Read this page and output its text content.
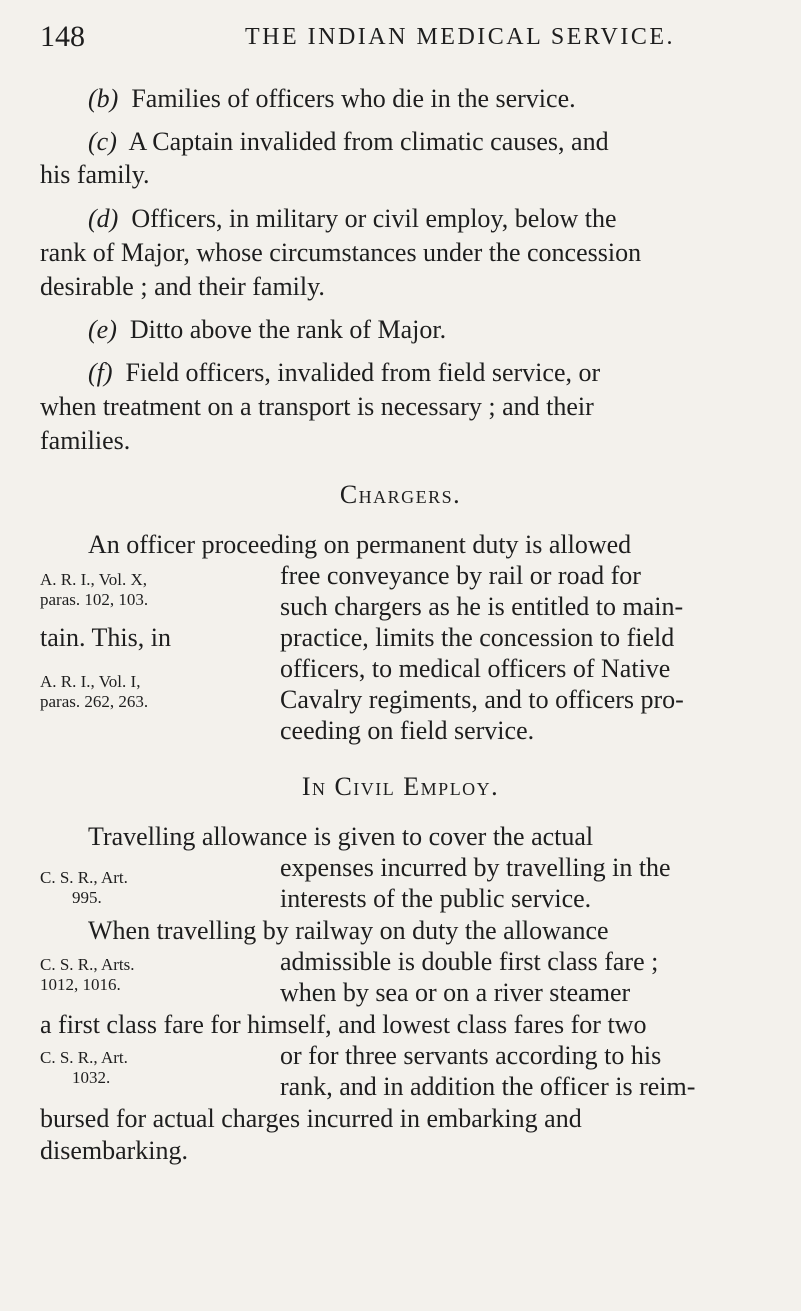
148	THE INDIAN MEDICAL SERVICE.
(b) Families of officers who die in the service.
(c) A Captain invalided from climatic causes, and
his family.
(d) Officers, in military or civil employ, below the
rank of Major, whose circumstances under the concession
desirable ; and their family.
(e) Ditto above the rank of Major.
(f) Field officers, invalided from field service, or
when treatment on a transport is necessary ; and their
families.
Chargers.
An officer proceeding on permanent duty is allowed
free conveyance by rail or road for
such chargers as he is entitled to main-
tain. This, in	practice, limits the concession to field
officers, to medical officers of Native
Cavalry regiments, and to officers pro-
ceeding on field service.
A. R. I., Vol. X,
paras. 102, 103.
A. R. I., Vol. I,
paras. 262, 263.
In Civil Employ.
Travelling allowance is given to cover the actual
expenses incurred by travelling in the
interests of the public service.
When travelling by railway on duty the allowance
admissible is double first class fare ;
when by sea or on a river steamer
a first class fare for himself, and lowest class fares for two
or for three servants according to his
rank, and in addition the officer is reim-
bursed for actual charges incurred in embarking and
disembarking.
C. S. R., Art.
995.
C. S. R., Arts.
1012, 1016.
C. S. R., Art.
1032.
